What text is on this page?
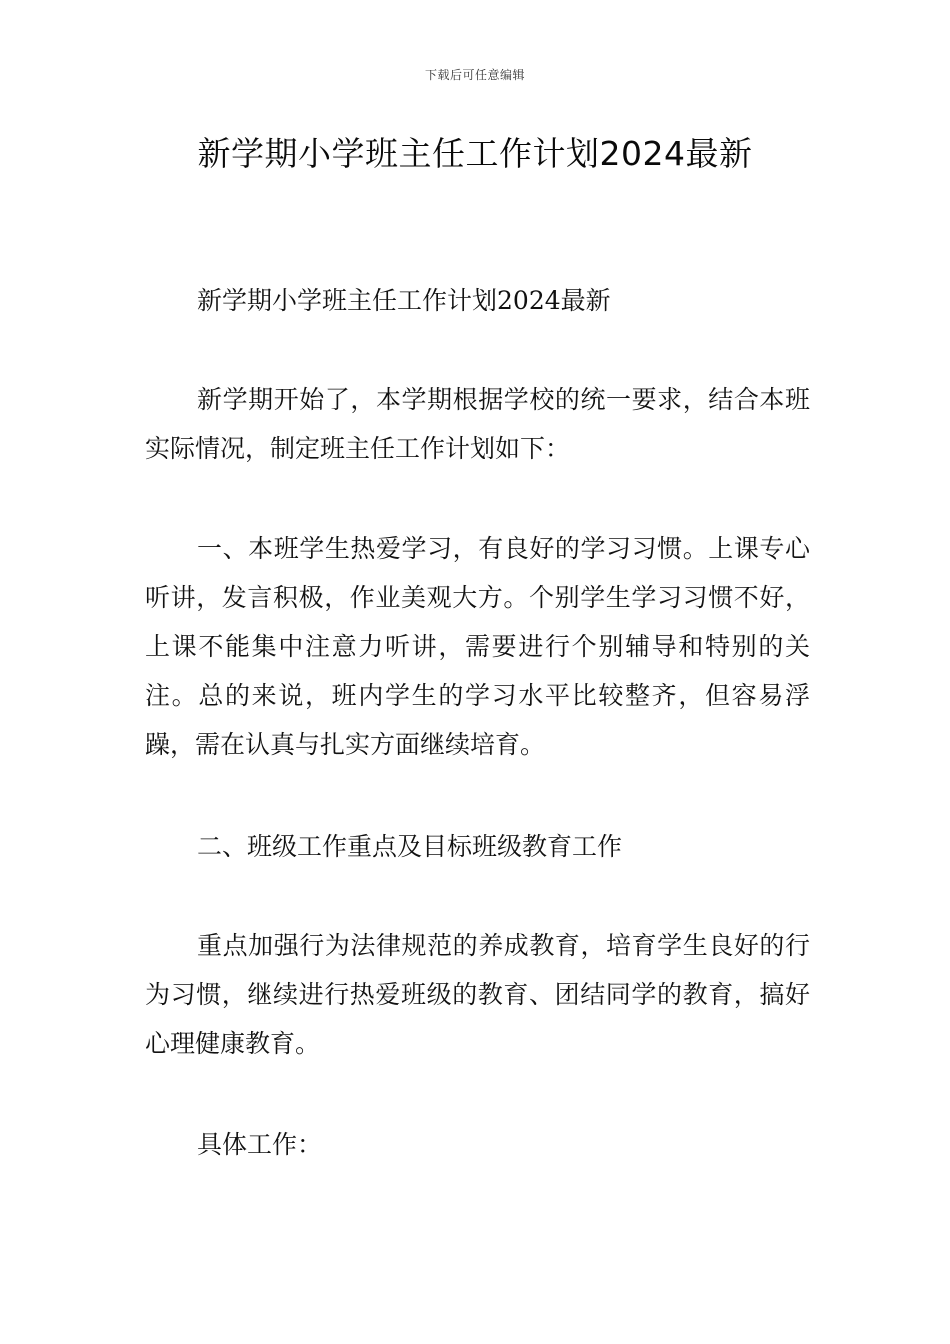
下载后可任意编辑
新学期小学班主任工作计划2024最新

新学期小学班主任工作计划2024最新

新学期开始了，本学期根据学校的统一要求，结合本班实际情况，制定班主任工作计划如下：

一、本班学生热爱学习，有良好的学习习惯。上课专心听讲，发言积极，作业美观大方。个别学生学习习惯不好，上课不能集中注意力听讲，需要进行个别辅导和特别的关注。总的来说，班内学生的学习水平比较整齐，但容易浮躁，需在认真与扎实方面继续培育。

二、班级工作重点及目标班级教育工作

重点加强行为法律规范的养成教育，培育学生良好的行为习惯，继续进行热爱班级的教育、团结同学的教育，搞好心理健康教育。

具体工作：
